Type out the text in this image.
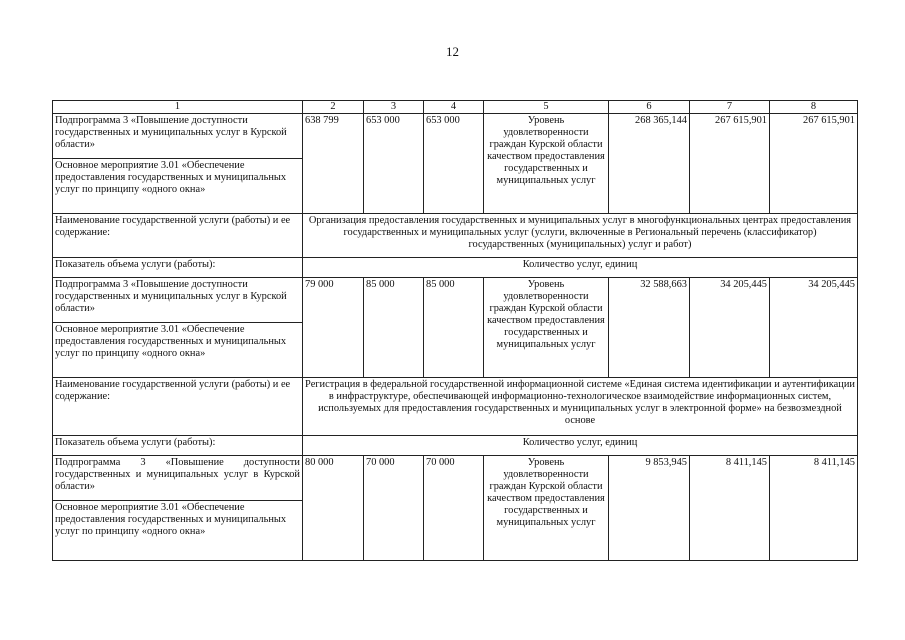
12
1	2	3	4	5	6	7	8
Подпрограмма 3 «Повышение доступности государственных и муниципальных услуг в Курской области»	638 799	653 000	653 000	Уровень удовлетворенности граждан Курской области качеством предоставления государственных и муниципальных услуг	268 365,144	267 615,901	267 615,901
Основное мероприятие 3.01 «Обеспечение предоставления государственных и муниципальных услуг по принципу «одного окна»							
Наименование государственной услуги (работы) и ее содержание:	Организация предоставления государственных и муниципальных услуг в многофункциональных центрах предоставления государственных и муниципальных услуг (услуги, включенные в Региональный перечень (классификатор) государственных (муниципальных) услуг и работ)						
Показатель объема услуги (работы):	Количество услуг, единиц						
Подпрограмма 3 «Повышение доступности государственных и муниципальных услуг в Курской области»	79 000	85 000	85 000	Уровень удовлетворенности граждан Курской области качеством предоставления государственных и муниципальных услуг	32 588,663	34 205,445	34 205,445
Основное мероприятие 3.01 «Обеспечение предоставления государственных и муниципальных услуг по принципу «одного окна»							
Наименование государственной услуги (работы) и ее содержание:	Регистрация в федеральной государственной информационной системе «Единая система идентификации и аутентификации в инфраструктуре, обеспечивающей информационно-технологическое взаимодействие информационных систем, используемых для предоставления государственных и муниципальных услуг в электронной форме» на безвозмездной основе						
Показатель объема услуги (работы):	Количество услуг, единиц						
Подпрограмма 3 «Повышение доступности государственных и муниципальных услуг в Курской области»	80 000	70 000	70 000	Уровень удовлетворенности граждан Курской области качеством предоставления государственных и муниципальных услуг	9 853,945	8 411,145	8 411,145
Основное мероприятие 3.01 «Обеспечение предоставления государственных и муниципальных услуг по принципу «одного окна»							
